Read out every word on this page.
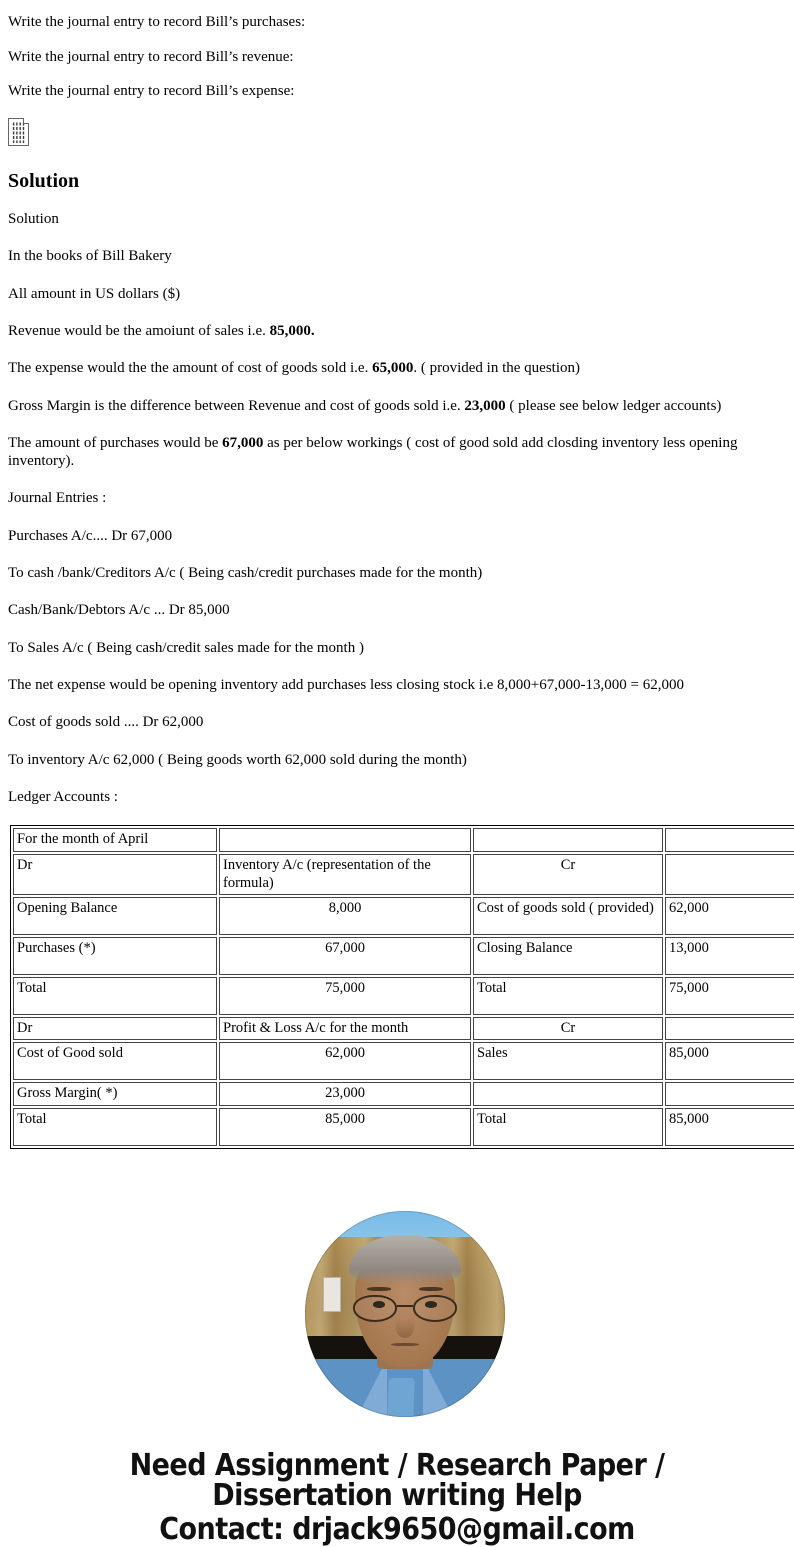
Write the journal entry to record Bill’s purchases:

Write the journal entry to record Bill’s revenue:

Write the journal entry to record Bill’s expense:

Solution

Solution

In the books of Bill Bakery

All amount in US dollars ($)

Revenue would be the amoiunt of sales i.e. 85,000.

The expense would the the amount of cost of goods sold i.e. 65,000. ( provided in the question)

Gross Margin is the difference between Revenue and cost of goods sold i.e. 23,000 ( please see below ledger accounts)

The amount of purchases would be 67,000 as per below workings ( cost of good sold add closding inventory less opening inventory).

Journal Entries :

Purchases A/c.... Dr 67,000

To cash /bank/Creditors A/c ( Being cash/credit purchases made for the month)

Cash/Bank/Debtors A/c ... Dr 85,000

To Sales A/c ( Being cash/credit sales made for the month )

The net expense would be opening inventory add purchases less closing stock i.e 8,000+67,000-13,000 = 62,000

Cost of goods sold .... Dr 62,000

To inventory A/c 62,000 ( Being goods worth 62,000 sold during the month)

Ledger Accounts :

For the month of April			
Dr	Inventory A/c (representation of the formula)	Cr	
Opening Balance	8,000	Cost of goods sold ( provided)	62,000
Purchases (*)	67,000	Closing Balance	13,000
Total	75,000	Total	75,000
Dr	Profit & Loss A/c for the month	Cr	
Cost of Good sold	62,000	Sales	85,000
Gross Margin( *)	23,000		
Total	85,000	Total	85,000
Need Assignment / Research Paper / Dissertation writing Help
Contact: drjack9650@gmail.com
